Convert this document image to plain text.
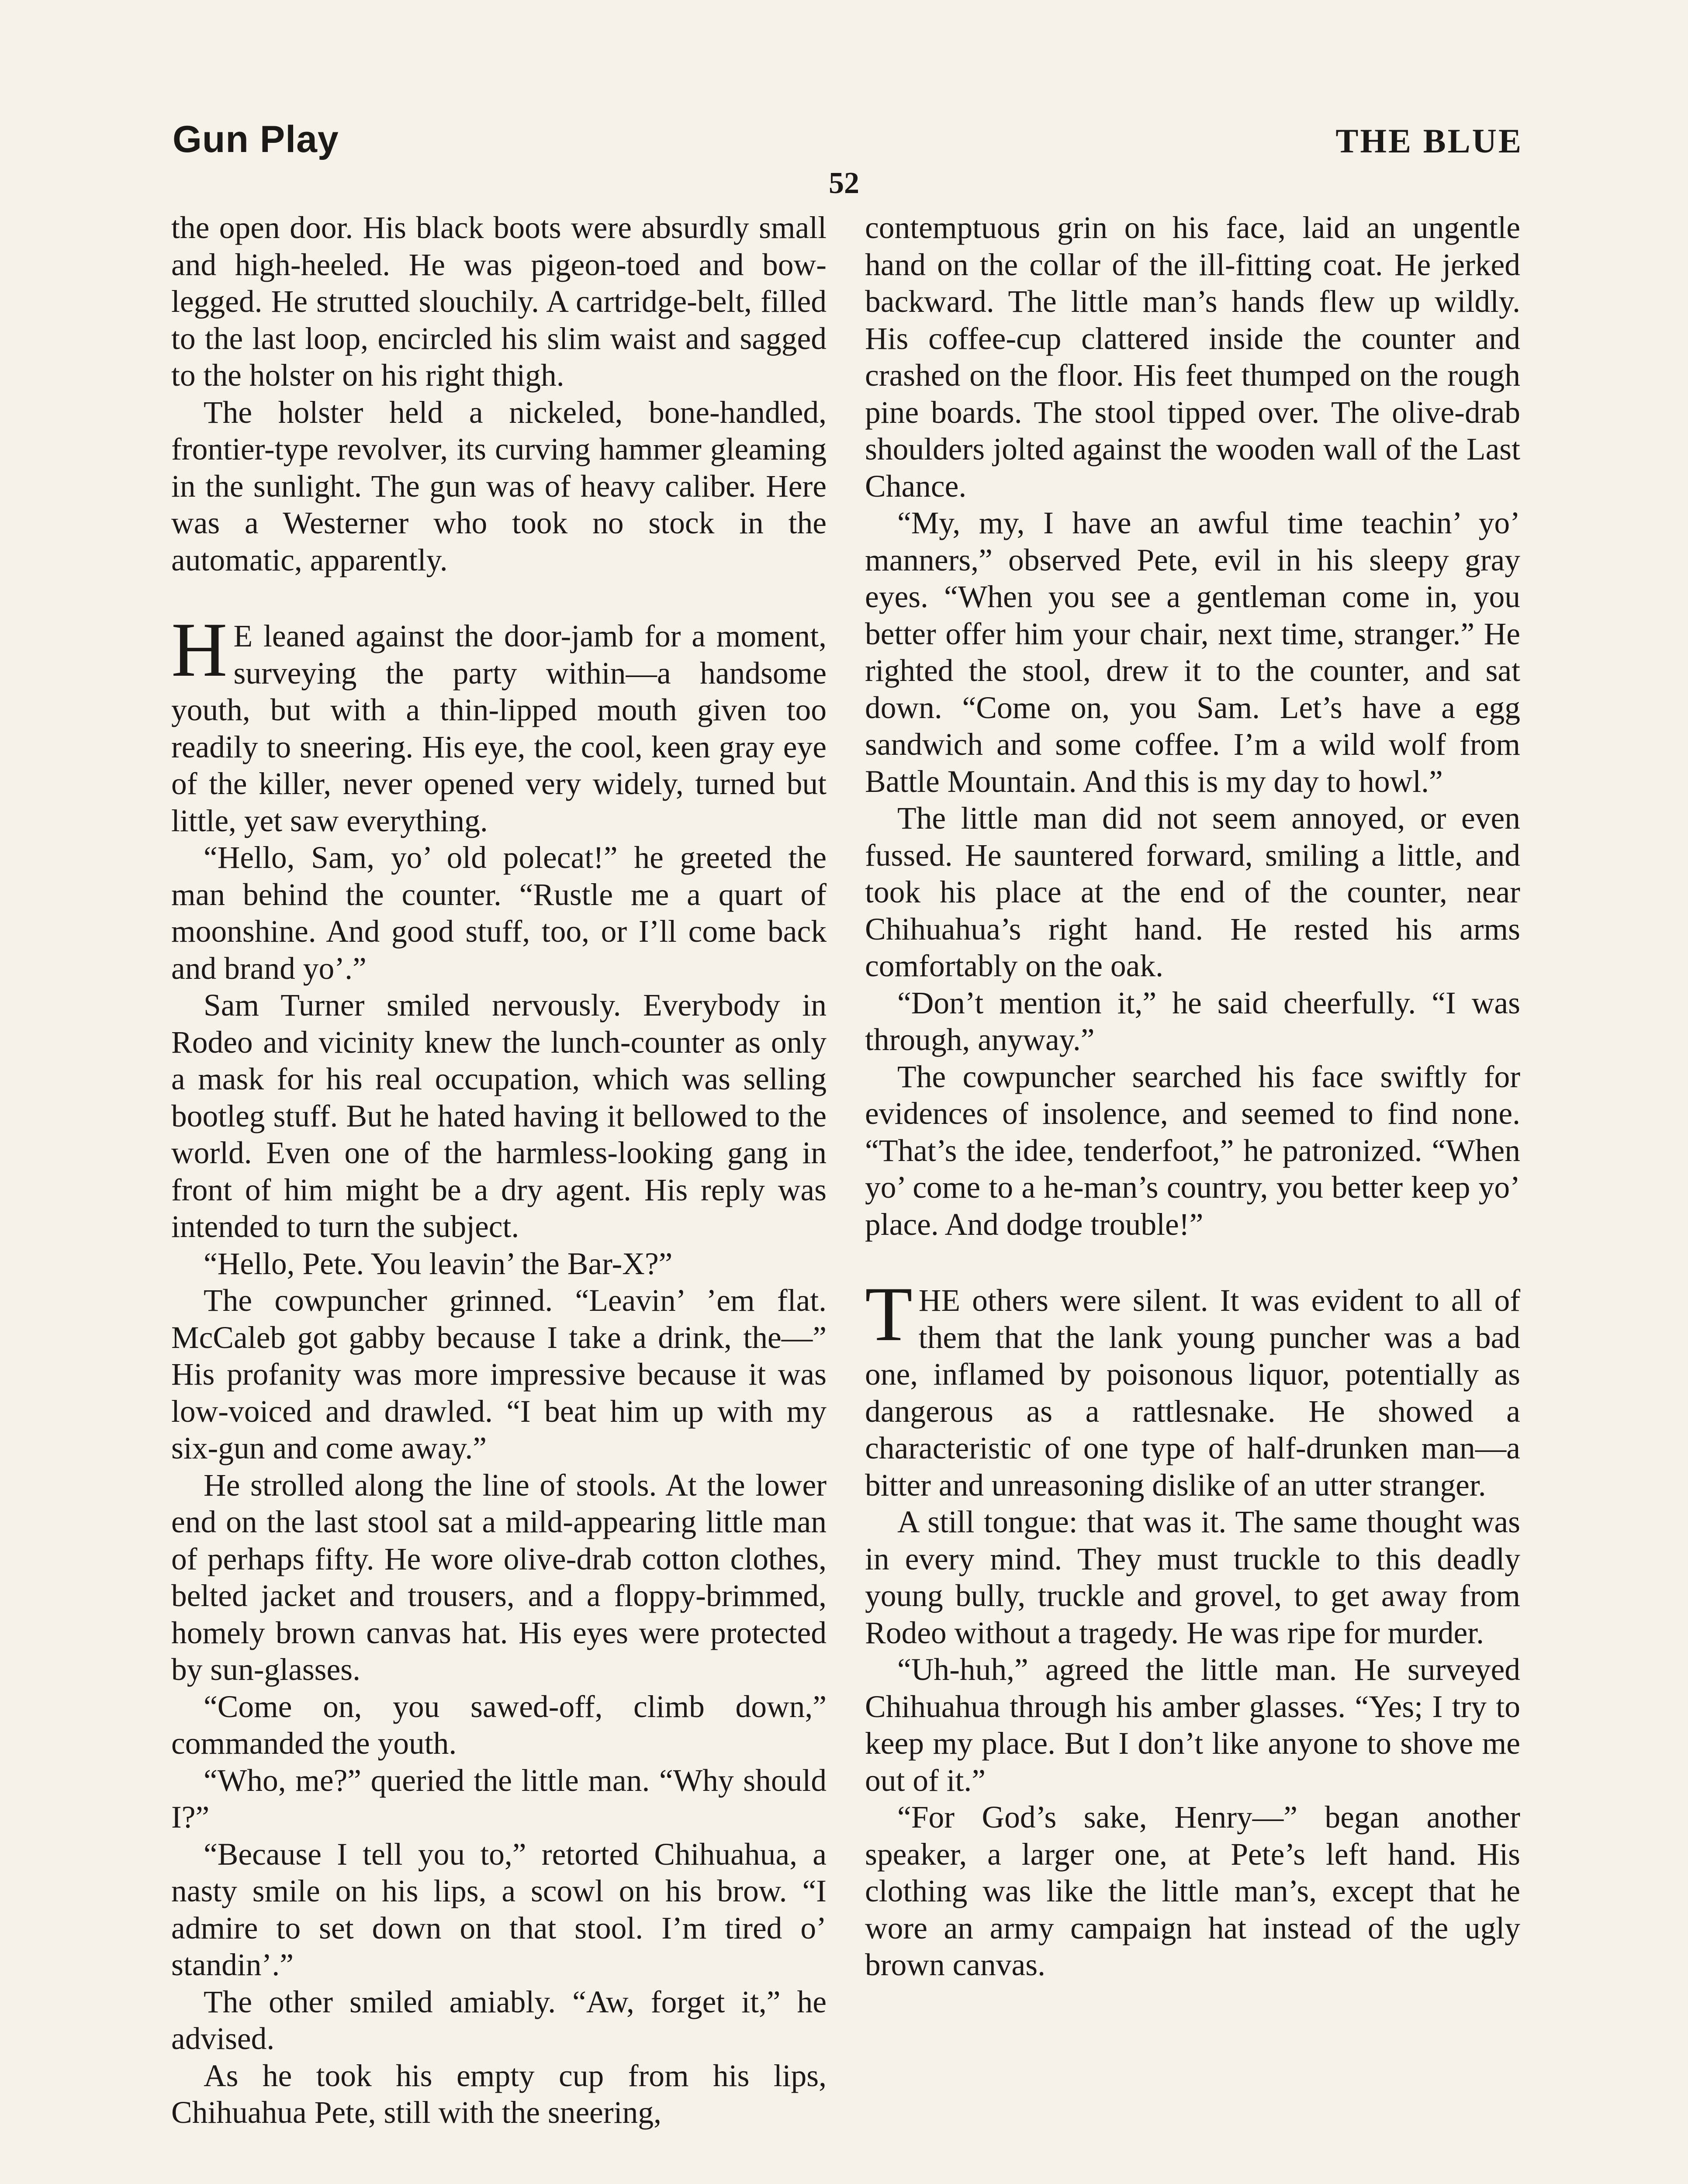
Gun Play	THE BLUE
52

the open door. His black boots were absurdly small and high-heeled. He was pigeon-toed and bow-legged. He strutted slouchily. A cartridge-belt, filled to the last loop, encircled his slim waist and sagged to the holster on his right thigh.

The holster held a nickeled, bone-handled, frontier-type revolver, its curving hammer gleaming in the sunlight. The gun was of heavy caliber. Here was a Westerner who took no stock in the automatic, apparently.

H E leaned against the door-jamb for a moment, surveying the party within—a handsome youth, but with a thin-lipped mouth given too readily to sneering. His eye, the cool, keen gray eye of the killer, never opened very widely, turned but little, yet saw everything.

“Hello, Sam, yo’ old polecat!” he greeted the man behind the counter. “Rustle me a quart of moonshine. And good stuff, too, or I’ll come back and brand yo’.”

Sam Turner smiled nervously. Everybody in Rodeo and vicinity knew the lunch-counter as only a mask for his real occupation, which was selling bootleg stuff. But he hated having it bellowed to the world. Even one of the harmless-looking gang in front of him might be a dry agent. His reply was intended to turn the subject.

“Hello, Pete. You leavin’ the Bar-X?”

The cowpuncher grinned. “Leavin’ ’em flat. McCaleb got gabby because I take a drink, the—” His profanity was more impressive because it was low-voiced and drawled. “I beat him up with my six-gun and come away.”

He strolled along the line of stools. At the lower end on the last stool sat a mild-appearing little man of perhaps fifty. He wore olive-drab cotton clothes, belted jacket and trousers, and a floppy-brimmed, homely brown canvas hat. His eyes were protected by sun-glasses.

“Come on, you sawed-off, climb down,” commanded the youth.

“Who, me?” queried the little man. “Why should I?”

“Because I tell you to,” retorted Chihuahua, a nasty smile on his lips, a scowl on his brow. “I admire to set down on that stool. I’m tired o’ standin’.”

The other smiled amiably. “Aw, forget it,” he advised.

As he took his empty cup from his lips, Chihuahua Pete, still with the sneering,

contemptuous grin on his face, laid an ungentle hand on the collar of the ill-fitting coat. He jerked backward. The little man’s hands flew up wildly. His coffee-cup clattered inside the counter and crashed on the floor. His feet thumped on the rough pine boards. The stool tipped over. The olive-drab shoulders jolted against the wooden wall of the Last Chance.

“My, my, I have an awful time teachin’ yo’ manners,” observed Pete, evil in his sleepy gray eyes. “When you see a gentleman come in, you better offer him your chair, next time, stranger.” He righted the stool, drew it to the counter, and sat down. “Come on, you Sam. Let’s have a egg sandwich and some coffee. I’m a wild wolf from Battle Mountain. And this is my day to howl.”

The little man did not seem annoyed, or even fussed. He sauntered forward, smiling a little, and took his place at the end of the counter, near Chihuahua’s right hand. He rested his arms comfortably on the oak.

“Don’t mention it,” he said cheerfully. “I was through, anyway.”

The cowpuncher searched his face swiftly for evidences of insolence, and seemed to find none. “That’s the idee, tenderfoot,” he patronized. “When yo’ come to a he-man’s country, you better keep yo’ place. And dodge trouble!”

THE others were silent. It was evident to all of them that the lank young puncher was a bad one, inflamed by poisonous liquor, potentially as dangerous as a rattlesnake. He showed a characteristic of one type of half-drunken man—a bitter and unreasoning dislike of an utter stranger.

A still tongue: that was it. The same thought was in every mind. They must truckle to this deadly young bully, truckle and grovel, to get away from Rodeo without a tragedy. He was ripe for murder.

“Uh-huh,” agreed the little man. He surveyed Chihuahua through his amber glasses. “Yes; I try to keep my place. But I don’t like anyone to shove me out of it.”

“For God’s sake, Henry—” began another speaker, a larger one, at Pete’s left hand. His clothing was like the little man’s, except that he wore an army campaign hat instead of the ugly brown canvas.
